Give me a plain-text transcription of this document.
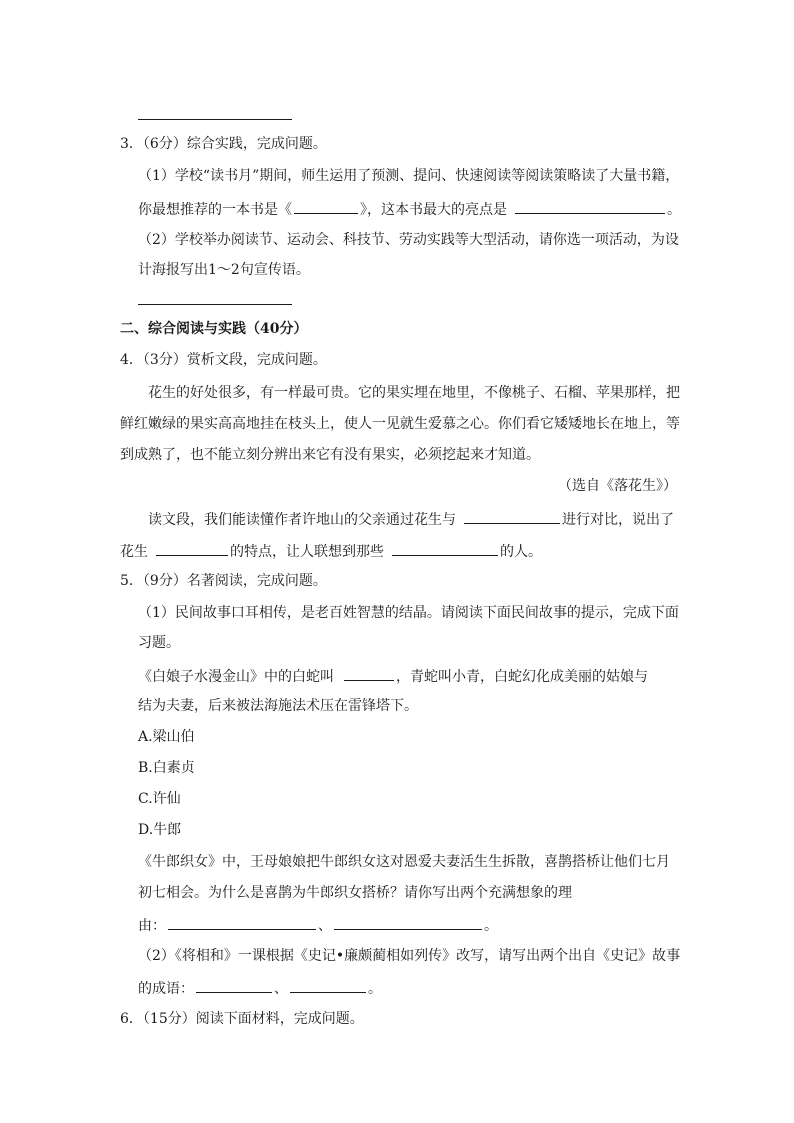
3．（6分）综合实践，完成问题。
（1）学校“读书月”期间，师生运用了预测、提问、快速阅读等阅读策略读了大量书籍，
你最想推荐的一本书是《	》，这本书最大的亮点是	。
（2）学校举办阅读节、运动会、科技节、劳动实践等大型活动，请你选一项活动，为设
计海报写出1～2句宣传语。
二、综合阅读与实践（40分）
4．（3分）赏析文段，完成问题。
花生的好处很多，有一样最可贵。它的果实埋在地里，不像桃子、石榴、苹果那样，把
鲜红嫩绿的果实高高地挂在枝头上，使人一见就生爱慕之心。你们看它矮矮地长在地上，等
到成熟了，也不能立刻分辨出来它有没有果实，必须挖起来才知道。
（选自《落花生》）
读文段，我们能读懂作者许地山的父亲通过花生与	进行对比，说出了
花生	的特点，让人联想到那些	的人。
5．（9分）名著阅读，完成问题。
（1）民间故事口耳相传，是老百姓智慧的结晶。请阅读下面民间故事的提示，完成下面
习题。
《白娘子水漫金山》中的白蛇叫	，青蛇叫小青，白蛇幻化成美丽的姑娘与
结为夫妻，后来被法海施法术压在雷锋塔下。
A.梁山伯
B.白素贞
C.许仙
D.牛郎
《牛郎织女》中，王母娘娘把牛郎织女这对恩爱夫妻活生生拆散，喜鹊搭桥让他们七月
初七相会。为什么是喜鹊为牛郎织女搭桥？请你写出两个充满想象的理
由：	、	。
（2）《将相和》一课根据《史记•廉颇蔺相如列传》改写，请写出两个出自《史记》故事
的成语：	、	。
6．（15分）阅读下面材料，完成问题。
